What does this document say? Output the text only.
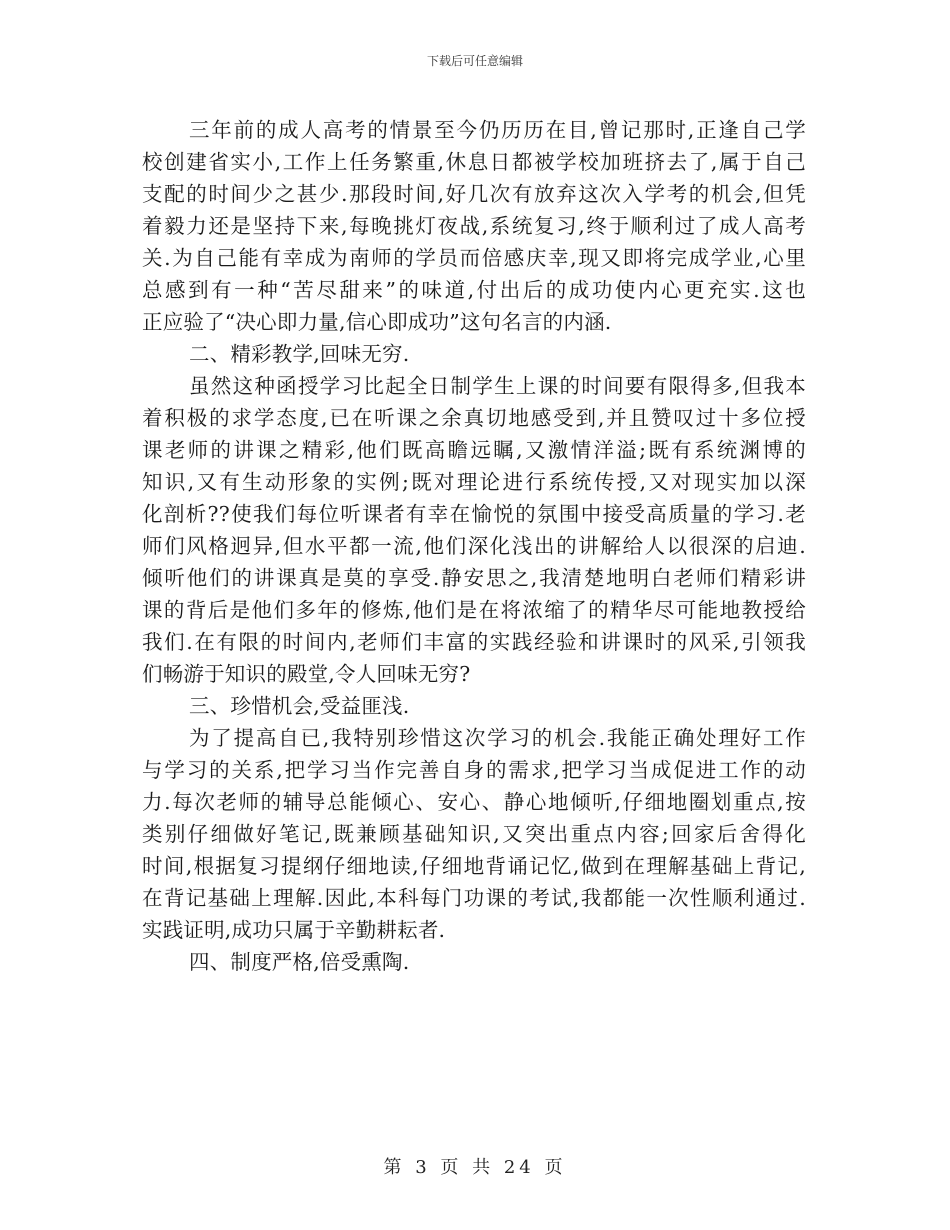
下载后可任意编辑
三年前的成人高考的情景至今仍历历在目,曾记那时,正逢自己学
校创建省实小,工作上任务繁重,休息日都被学校加班挤去了,属于自己
支配的时间少之甚少.那段时间,好几次有放弃这次入学考的机会,但凭
着毅力还是坚持下来,每晚挑灯夜战,系统复习,终于顺利过了成人高考
关.为自己能有幸成为南师的学员而倍感庆幸,现又即将完成学业,心里
总感到有一种“苦尽甜来”的味道,付出后的成功使内心更充实.这也
正应验了“决心即力量,信心即成功”这句名言的内涵.
二、精彩教学,回味无穷.
虽然这种函授学习比起全日制学生上课的时间要有限得多,但我本
着积极的求学态度,已在听课之余真切地感受到,并且赞叹过十多位授
课老师的讲课之精彩,他们既高瞻远瞩,又激情洋溢;既有系统渊博的
知识,又有生动形象的实例;既对理论进行系统传授,又对现实加以深
化剖析??使我们每位听课者有幸在愉悦的氛围中接受高质量的学习.老
师们风格迥异,但水平都一流,他们深化浅出的讲解给人以很深的启迪.
倾听他们的讲课真是莫的享受.静安思之,我清楚地明白老师们精彩讲
课的背后是他们多年的修炼,他们是在将浓缩了的精华尽可能地教授给
我们.在有限的时间内,老师们丰富的实践经验和讲课时的风采,引领我
们畅游于知识的殿堂,令人回味无穷?
三、珍惜机会,受益匪浅.
为了提高自已,我特别珍惜这次学习的机会.我能正确处理好工作
与学习的关系,把学习当作完善自身的需求,把学习当成促进工作的动
力.每次老师的辅导总能倾心、安心、静心地倾听,仔细地圈划重点,按
类别仔细做好笔记,既兼顾基础知识,又突出重点内容;回家后舍得化
时间,根据复习提纲仔细地读,仔细地背诵记忆,做到在理解基础上背记,
在背记基础上理解.因此,本科每门功课的考试,我都能一次性顺利通过.
实践证明,成功只属于辛勤耕耘者.
四、制度严格,倍受熏陶.
第 3 页 共 24 页
